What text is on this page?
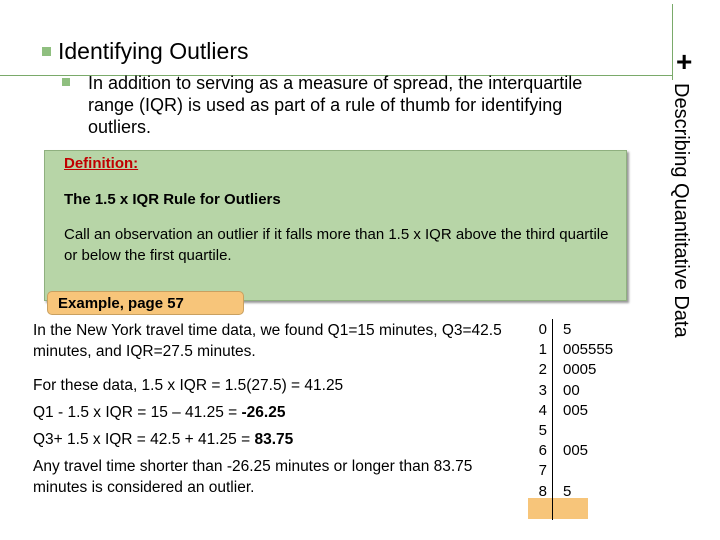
+
Describing Quantitative Data
Identifying Outliers
In addition to serving as a measure of spread, the interquartile range (IQR) is used as part of a rule of thumb for identifying outliers.
Definition:
The 1.5 x IQR Rule for Outliers
Call an observation an outlier if it falls more than 1.5 x IQR above the third quartile or below the first quartile.
Example, page 57
In the New York travel time data, we found Q1=15 minutes, Q3=42.5 minutes, and IQR=27.5 minutes.
For these data, 1.5 x IQR = 1.5(27.5) = 41.25
Q1 - 1.5 x IQR = 15 – 41.25 = -26.25
Q3+ 1.5 x IQR = 42.5 + 41.25 = 83.75
Any travel time shorter than -26.25 minutes or longer than 83.75 minutes is considered an outlier.
0
1
2
3
4
5
6
7
8
5
005555
0005
00
005
005
5
